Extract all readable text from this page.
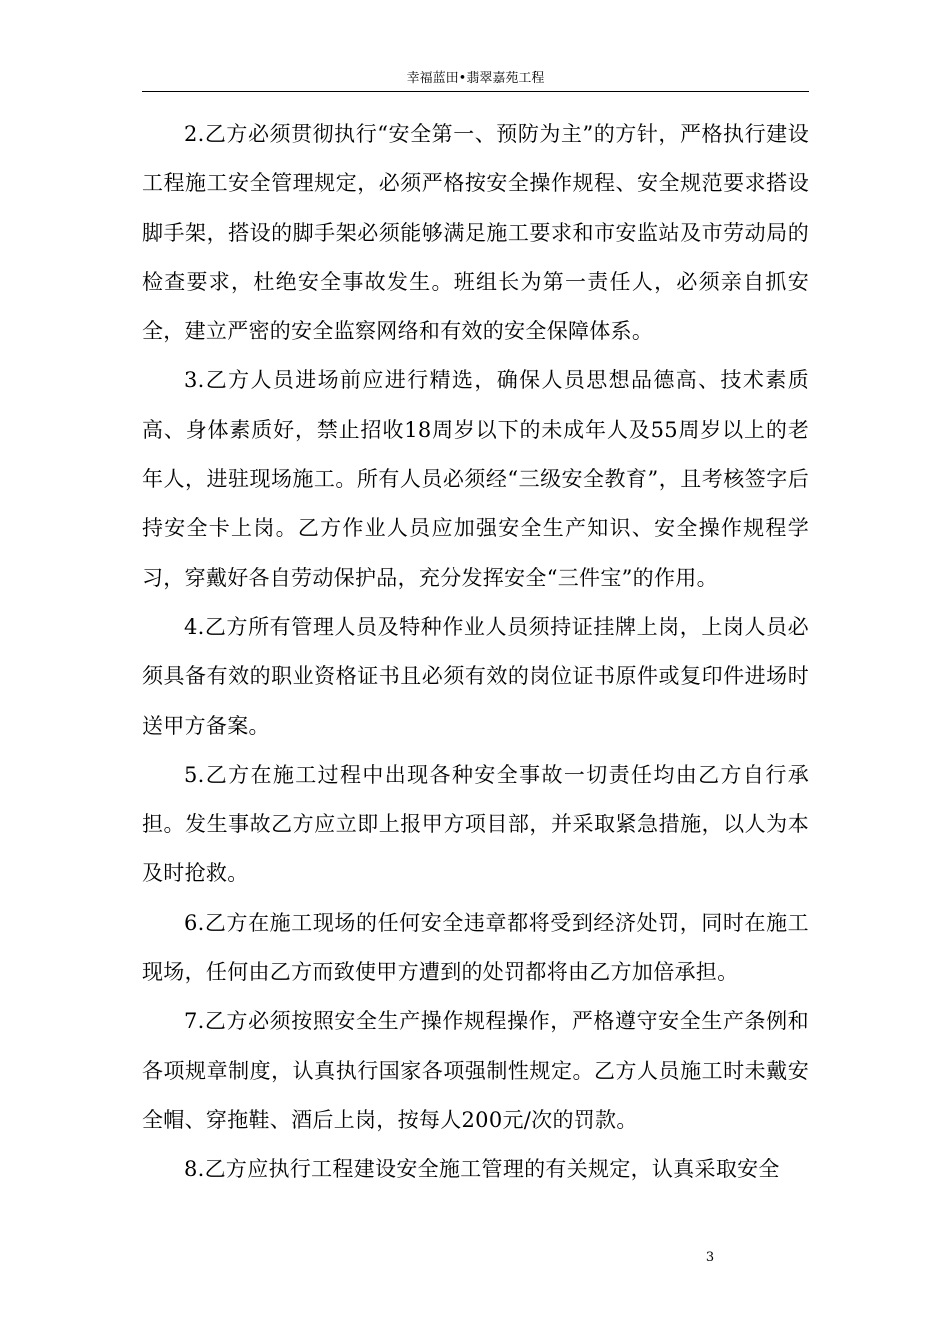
幸福蓝田•翡翠嘉苑工程

2.乙方必须贯彻执行“安全第一、预防为主”的方针，严格执行建设工程施工安全管理规定，必须严格按安全操作规程、安全规范要求搭设脚手架，搭设的脚手架必须能够满足施工要求和市安监站及市劳动局的检查要求，杜绝安全事故发生。班组长为第一责任人，必须亲自抓安全，建立严密的安全监察网络和有效的安全保障体系。

3.乙方人员进场前应进行精选，确保人员思想品德高、技术素质高、身体素质好，禁止招收18周岁以下的未成年人及55周岁以上的老年人，进驻现场施工。所有人员必须经“三级安全教育”，且考核签字后持安全卡上岗。乙方作业人员应加强安全生产知识、安全操作规程学习，穿戴好各自劳动保护品，充分发挥安全“三件宝”的作用。

4.乙方所有管理人员及特种作业人员须持证挂牌上岗，上岗人员必须具备有效的职业资格证书且必须有效的岗位证书原件或复印件进场时送甲方备案。

5.乙方在施工过程中出现各种安全事故一切责任均由乙方自行承担。发生事故乙方应立即上报甲方项目部，并采取紧急措施，以人为本及时抢救。

6.乙方在施工现场的任何安全违章都将受到经济处罚，同时在施工现场，任何由乙方而致使甲方遭到的处罚都将由乙方加倍承担。

7.乙方必须按照安全生产操作规程操作，严格遵守安全生产条例和各项规章制度，认真执行国家各项强制性规定。乙方人员施工时未戴安全帽、穿拖鞋、酒后上岗，按每人200元/次的罚款。

8.乙方应执行工程建设安全施工管理的有关规定，认真采取安全

3
